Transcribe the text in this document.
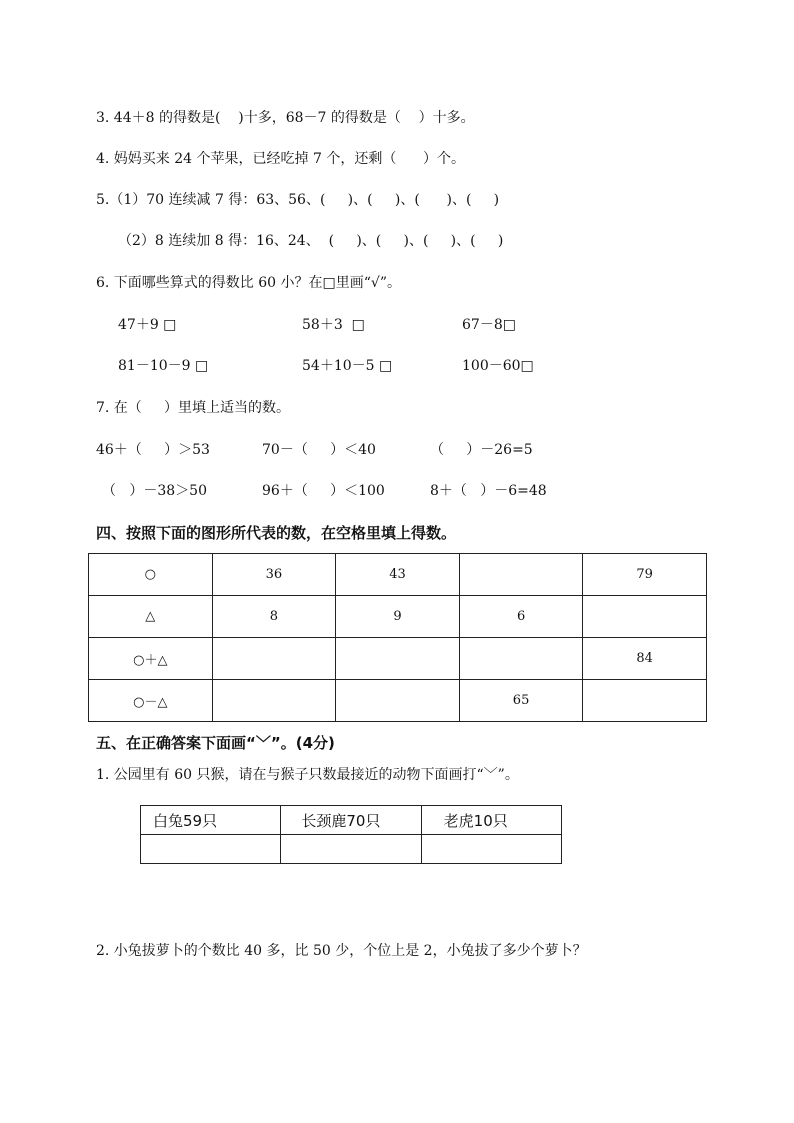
3. 44＋8 的得数是(    )十多，68－7 的得数是（    ）十多。
4. 妈妈买来 24 个苹果，已经吃掉 7 个，还剩（      ）个。
5.（1）70 连续减 7 得：63、56、(     )、(     )、(      )、(     )
（2）8 连续加 8 得：16、24、  (     )、(     )、(     )、(     )
6. 下面哪些算式的得数比 60 小？在□里画“√”。
47＋9 □	58＋3  □	67－8□
81－10－9 □	54＋10－5 □	100－60□
7. 在（     ）里填上适当的数。
46＋（     ）＞53	70－（     ）＜40	（     ）－26=5
（   ）－38＞50	96＋（     ）＜100	8＋（   ）－6=48
四、按照下面的图形所代表的数，在空格里填上得数。
○	36	43		79
△	8	9	6	
○＋△				84
○－△			65	
五、在正确答案下面画“﹀”。(4分)
1. 公园里有 60 只猴，请在与猴子只数最接近的动物下面画打“﹀”。
白兔59只	长颈鹿70只	老虎10只

2. 小兔拔萝卜的个数比 40 多，比 50 少，个位上是 2，小兔拔了多少个萝卜？
